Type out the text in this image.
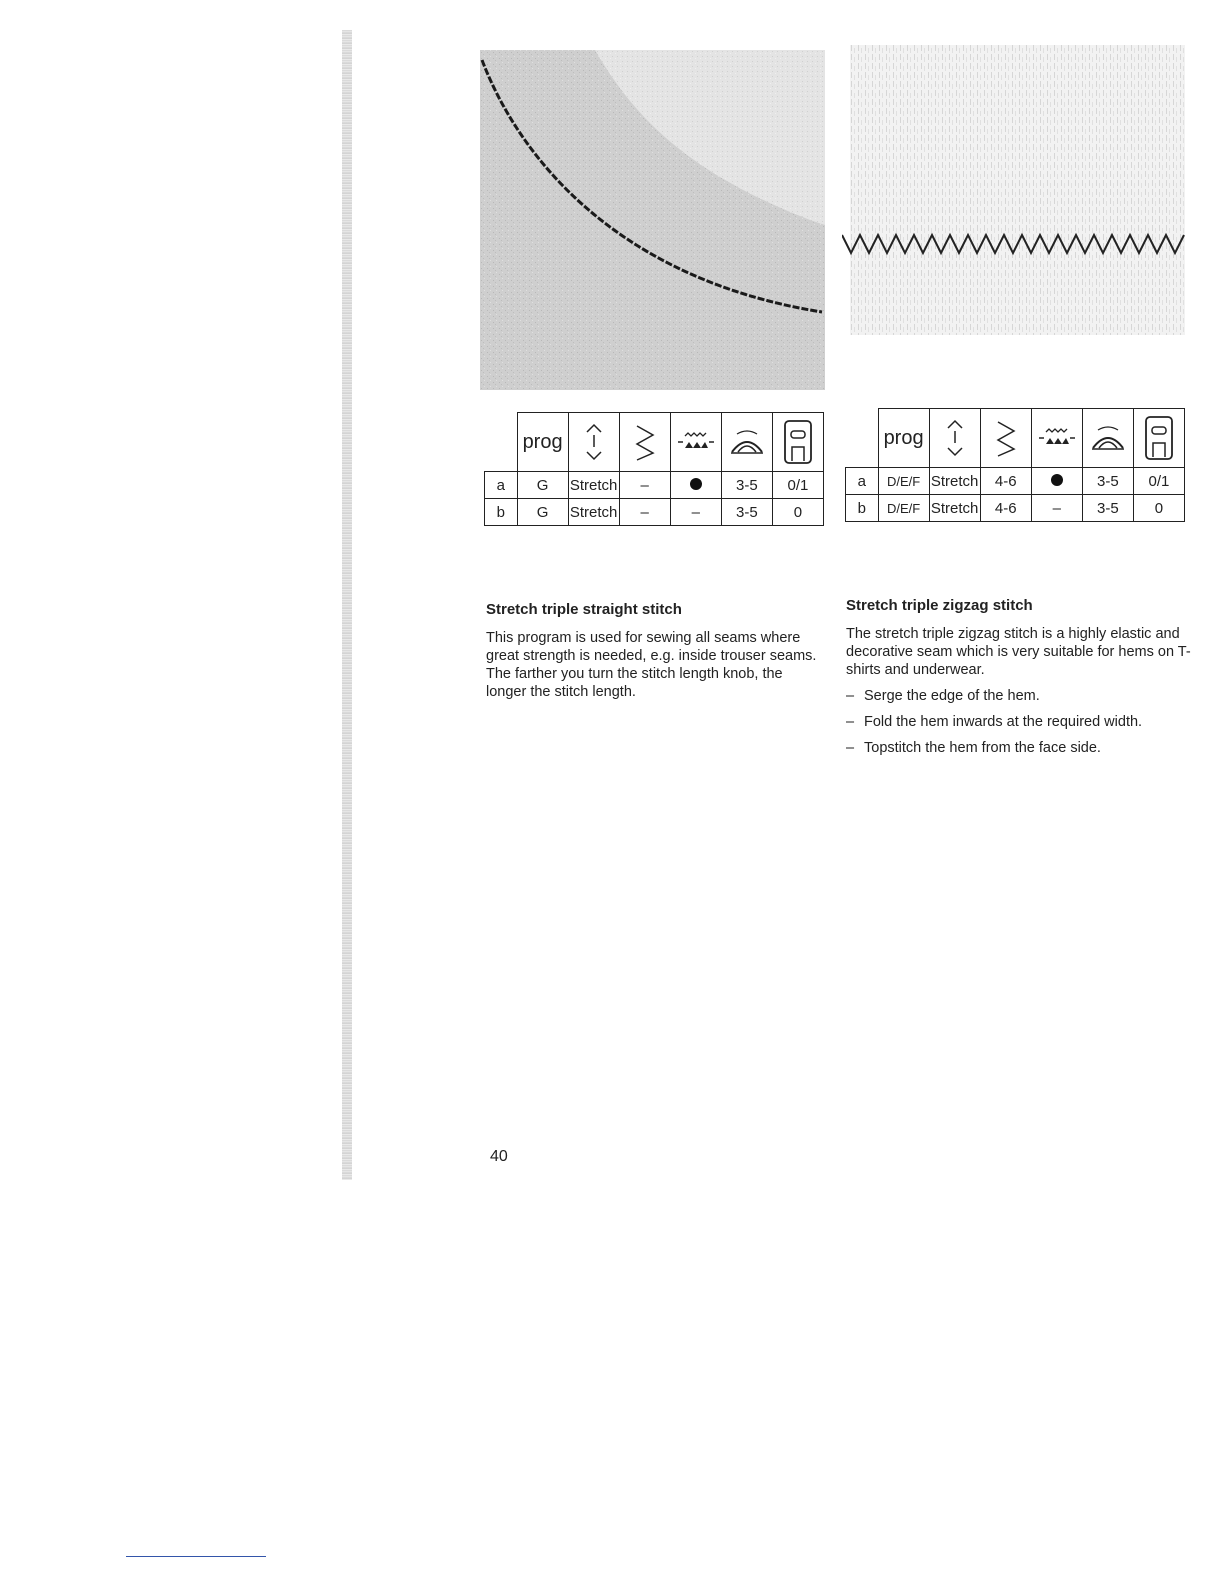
	prog	

a	G	Stretch	–		3-5	0/1
b	G	Stretch	–	–	3-5	0
	prog	

a	D/E/F	Stretch	4-6		3-5	0/1
b	D/E/F	Stretch	4-6	–	3-5	0
Stretch triple straight stitch

This program is used for sewing all seams where great strength is needed, e.g. inside trouser seams. The farther you turn the stitch length knob, the longer the stitch length.

Stretch triple zigzag stitch

The stretch triple zigzag stitch is a highly elastic and decorative seam which is very suitable for hems on T-shirts and underwear.

– Serge the edge of the hem.
– Fold the hem inwards at the required width.
– Topstitch the hem from the face side.
40
